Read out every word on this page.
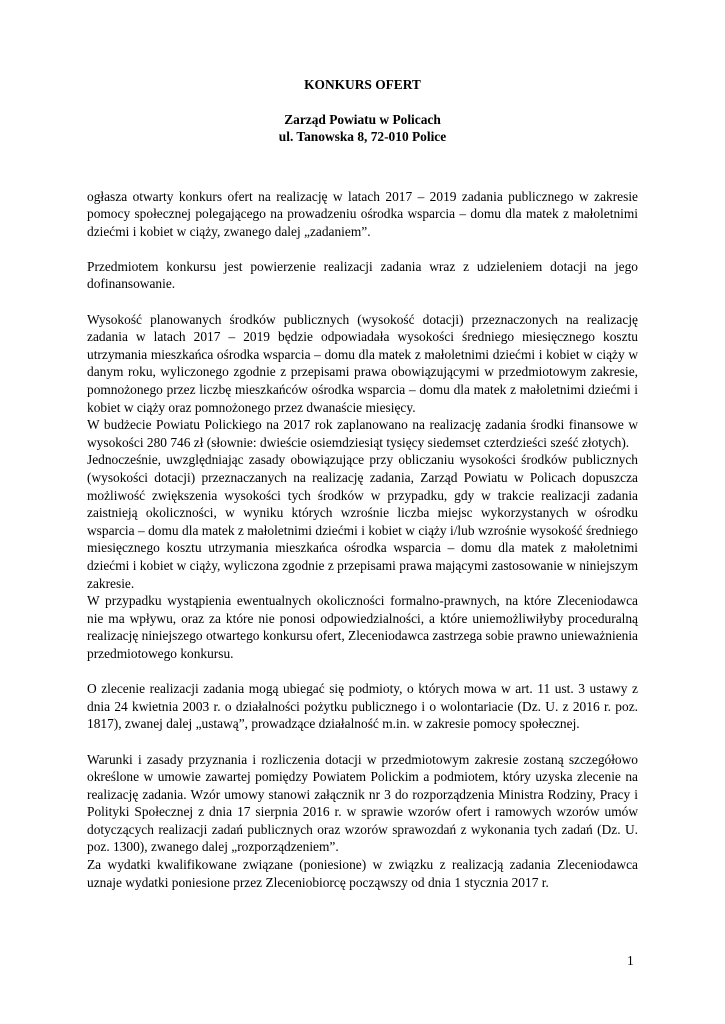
KONKURS OFERT
Zarząd Powiatu w Policach
ul. Tanowska 8, 72-010 Police

ogłasza otwarty konkurs ofert na realizację w latach 2017 – 2019 zadania publicznego w zakresie pomocy społecznej polegającego na prowadzeniu ośrodka wsparcia – domu dla matek z małoletnimi dziećmi i kobiet w ciąży, zwanego dalej „zadaniem”.

Przedmiotem konkursu jest powierzenie realizacji zadania wraz z udzieleniem dotacji na jego dofinansowanie.

Wysokość planowanych środków publicznych (wysokość dotacji) przeznaczonych na realizację zadania w latach 2017 – 2019 będzie odpowiadała wysokości średniego miesięcznego kosztu utrzymania mieszkańca ośrodka wsparcia – domu dla matek z małoletnimi dziećmi i kobiet w ciąży w danym roku, wyliczonego zgodnie z przepisami prawa obowiązującymi w przedmiotowym zakresie, pomnożonego przez liczbę mieszkańców ośrodka wsparcia – domu dla matek z małoletnimi dziećmi i kobiet w ciąży oraz pomnożonego przez dwanaście miesięcy.

W budżecie Powiatu Polickiego na 2017 rok zaplanowano na realizację zadania środki finansowe w wysokości 280 746 zł (słownie: dwieście osiemdziesiąt tysięcy siedemset czterdzieści sześć złotych).

Jednocześnie, uwzględniając zasady obowiązujące przy obliczaniu wysokości środków publicznych (wysokości dotacji) przeznaczanych na realizację zadania, Zarząd Powiatu w Policach dopuszcza możliwość zwiększenia wysokości tych środków w przypadku, gdy w trakcie realizacji zadania zaistnieją okoliczności, w wyniku których wzrośnie liczba miejsc wykorzystanych w ośrodku wsparcia – domu dla matek z małoletnimi dziećmi i kobiet w ciąży i/lub wzrośnie wysokość średniego miesięcznego kosztu utrzymania mieszkańca ośrodka wsparcia – domu dla matek z małoletnimi dziećmi i kobiet w ciąży, wyliczona zgodnie z przepisami prawa mającymi zastosowanie w niniejszym zakresie.

W przypadku wystąpienia ewentualnych okoliczności formalno-prawnych, na które Zleceniodawca nie ma wpływu, oraz za które nie ponosi odpowiedzialności, a które uniemożliwiłyby proceduralną realizację niniejszego otwartego konkursu ofert, Zleceniodawca zastrzega sobie prawno unieważnienia przedmiotowego konkursu.

O zlecenie realizacji zadania mogą ubiegać się podmioty, o których mowa w art. 11 ust. 3 ustawy z dnia 24 kwietnia 2003 r. o działalności pożytku publicznego i o wolontariacie (Dz. U. z 2016 r. poz. 1817), zwanej dalej „ustawą”, prowadzące działalność m.in. w zakresie pomocy społecznej.

Warunki i zasady przyznania i rozliczenia dotacji w przedmiotowym zakresie zostaną szczegółowo określone w umowie zawartej pomiędzy Powiatem Polickim a podmiotem, który uzyska zlecenie na realizację zadania. Wzór umowy stanowi załącznik nr 3 do rozporządzenia Ministra Rodziny, Pracy i Polityki Społecznej z dnia 17 sierpnia 2016 r. w sprawie wzorów ofert i ramowych wzorów umów dotyczących realizacji zadań publicznych oraz wzorów sprawozdań z wykonania tych zadań (Dz. U. poz. 1300), zwanego dalej „rozporządzeniem”.

Za wydatki kwalifikowane związane (poniesione) w związku z realizacją zadania Zleceniodawca uznaje wydatki poniesione przez Zleceniobiorcę począwszy od dnia 1 stycznia 2017 r.

1
